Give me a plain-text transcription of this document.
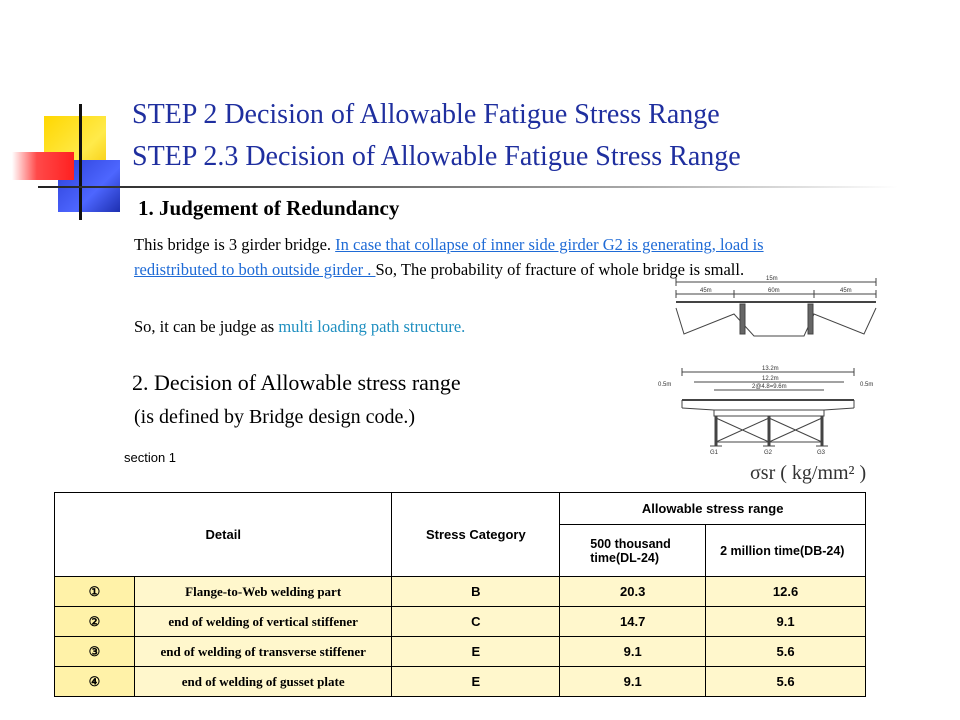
STEP 2 Decision of Allowable Fatigue Stress Range
STEP 2.3 Decision of Allowable Fatigue Stress Range
1. Judgement of Redundancy
This bridge is 3 girder bridge. In case that collapse of inner side girder G2 is generating, load is redistributed to both outside girder . So, The probability of fracture of whole bridge is small.
So, it can be judge as multi loading path structure.
2. Decision of Allowable stress range
(is defined by Bridge design code.)
section 1
15m
45m	60m	45m
13.2m
12.2m
2@4.8=9.6m
0.5m	0.5m
G1	G2	G3
σsr ( kg/mm² )
Detail		Stress Category	Allowable stress range	
			500 thousand time(DL-24)	2 million time(DB-24)
①	Flange-to-Web welding part	B	20.3	12.6
②	end of welding of vertical stiffener	C	14.7	9.1
③	end of welding of transverse stiffener	E	9.1	5.6
④	end of welding of gusset plate	E	9.1	5.6
